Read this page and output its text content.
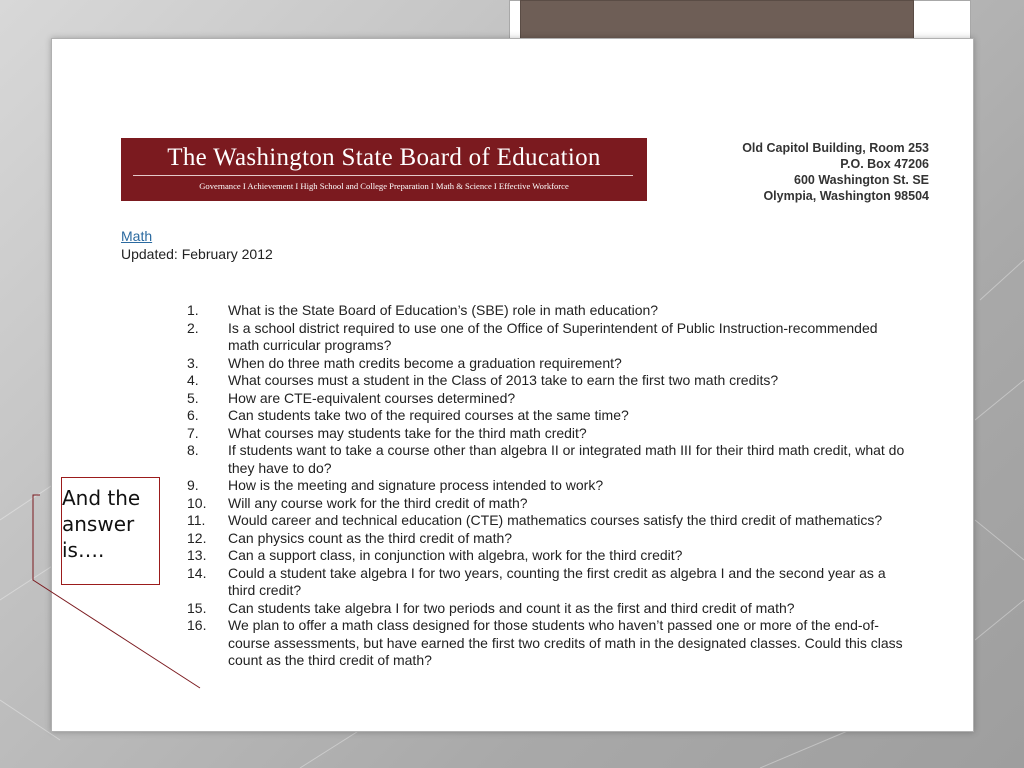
The Washington State Board of Education
Governance I Achievement I High School and College Preparation I Math & Science I Effective Workforce
Old Capitol Building, Room 253
P.O. Box 47206
600 Washington St. SE
Olympia, Washington 98504
Math
Updated: February 2012
1.	What is the State Board of Education’s (SBE) role in math education?
2.	Is a school district required to use one of the Office of Superintendent of Public Instruction-recommended math curricular programs?
3.	When do three math credits become a graduation requirement?
4.	What courses must a student in the Class of 2013 take to earn the first two math credits?
5.	How are CTE-equivalent courses determined?
6.	Can students take two of the required courses at the same time?
7.	What courses may students take for the third math credit?
8.	If students want to take a course other than algebra II or integrated math III for their third math credit, what do they have to do?
9.	How is the meeting and signature process intended to work?
10.	Will any course work for the third credit of math?
11.	Would career and technical education (CTE) mathematics courses satisfy the third credit of mathematics?
12.	Can physics count as the third credit of math?
13.	Can a support class, in conjunction with algebra, work for the third credit?
14.	Could a student take algebra I for two years, counting the first credit as algebra I and the second year as a third credit?
15.	Can students take algebra I for two periods and count it as the first and third credit of math?
16.	We plan to offer a math class designed for those students who haven’t passed one or more of the end-of-course assessments, but have earned the first two credits of math in the designated classes. Could this class count as the third credit of math?
And the answer is….
